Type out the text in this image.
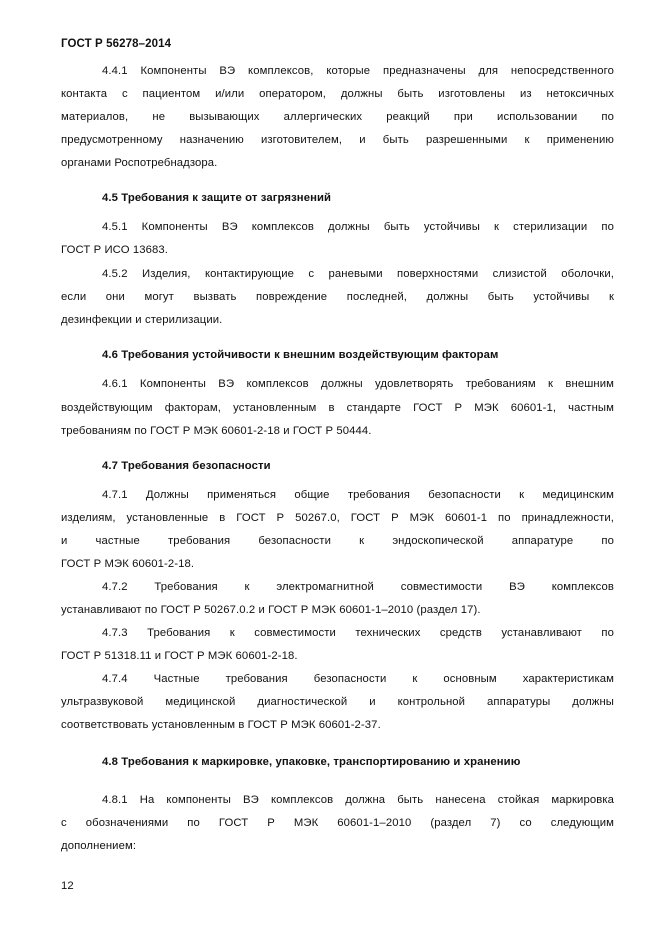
ГОСТ Р 56278–2014
4.4.1 Компоненты ВЭ комплексов, которые предназначены для непосредственного
контакта с пациентом и/или оператором, должны быть изготовлены из нетоксичных
материалов, не вызывающих аллергических реакций при использовании по
предусмотренному назначению изготовителем, и быть разрешенными к применению
органами Роспотребнадзора.
4.5 Требования к защите от загрязнений
4.5.1 Компоненты ВЭ комплексов должны быть устойчивы к стерилизации по
ГОСТ Р ИСО 13683.
4.5.2 Изделия, контактирующие с раневыми поверхностями слизистой оболочки,
если они могут вызвать повреждение последней, должны быть устойчивы к
дезинфекции и стерилизации.
4.6 Требования устойчивости к внешним воздействующим факторам
4.6.1 Компоненты ВЭ комплексов должны удовлетворять требованиям к внешним
воздействующим факторам, установленным в стандарте ГОСТ Р МЭК 60601-1, частным
требованиям по ГОСТ Р МЭК 60601-2-18 и ГОСТ Р 50444.
4.7 Требования безопасности
4.7.1 Должны применяться общие требования безопасности к медицинским
изделиям, установленные в ГОСТ Р 50267.0, ГОСТ Р МЭК 60601-1 по принадлежности,
и частные требования безопасности к эндоскопической аппаратуре по
ГОСТ Р МЭК 60601-2-18.
4.7.2 Требования к электромагнитной совместимости ВЭ комплексов
устанавливают по ГОСТ Р 50267.0.2 и ГОСТ Р МЭК 60601-1–2010 (раздел 17).
4.7.3 Требования к совместимости технических средств устанавливают по
ГОСТ Р 51318.11 и ГОСТ Р МЭК 60601-2-18.
4.7.4 Частные требования безопасности к основным характеристикам
ультразвуковой медицинской диагностической и контрольной аппаратуры должны
соответствовать установленным в ГОСТ Р МЭК 60601-2-37.
4.8 Требования к маркировке, упаковке, транспортированию и хранению
4.8.1 На компоненты ВЭ комплексов должна быть нанесена стойкая маркировка
с обозначениями по ГОСТ Р МЭК 60601-1–2010 (раздел 7) со следующим
дополнением:
12
